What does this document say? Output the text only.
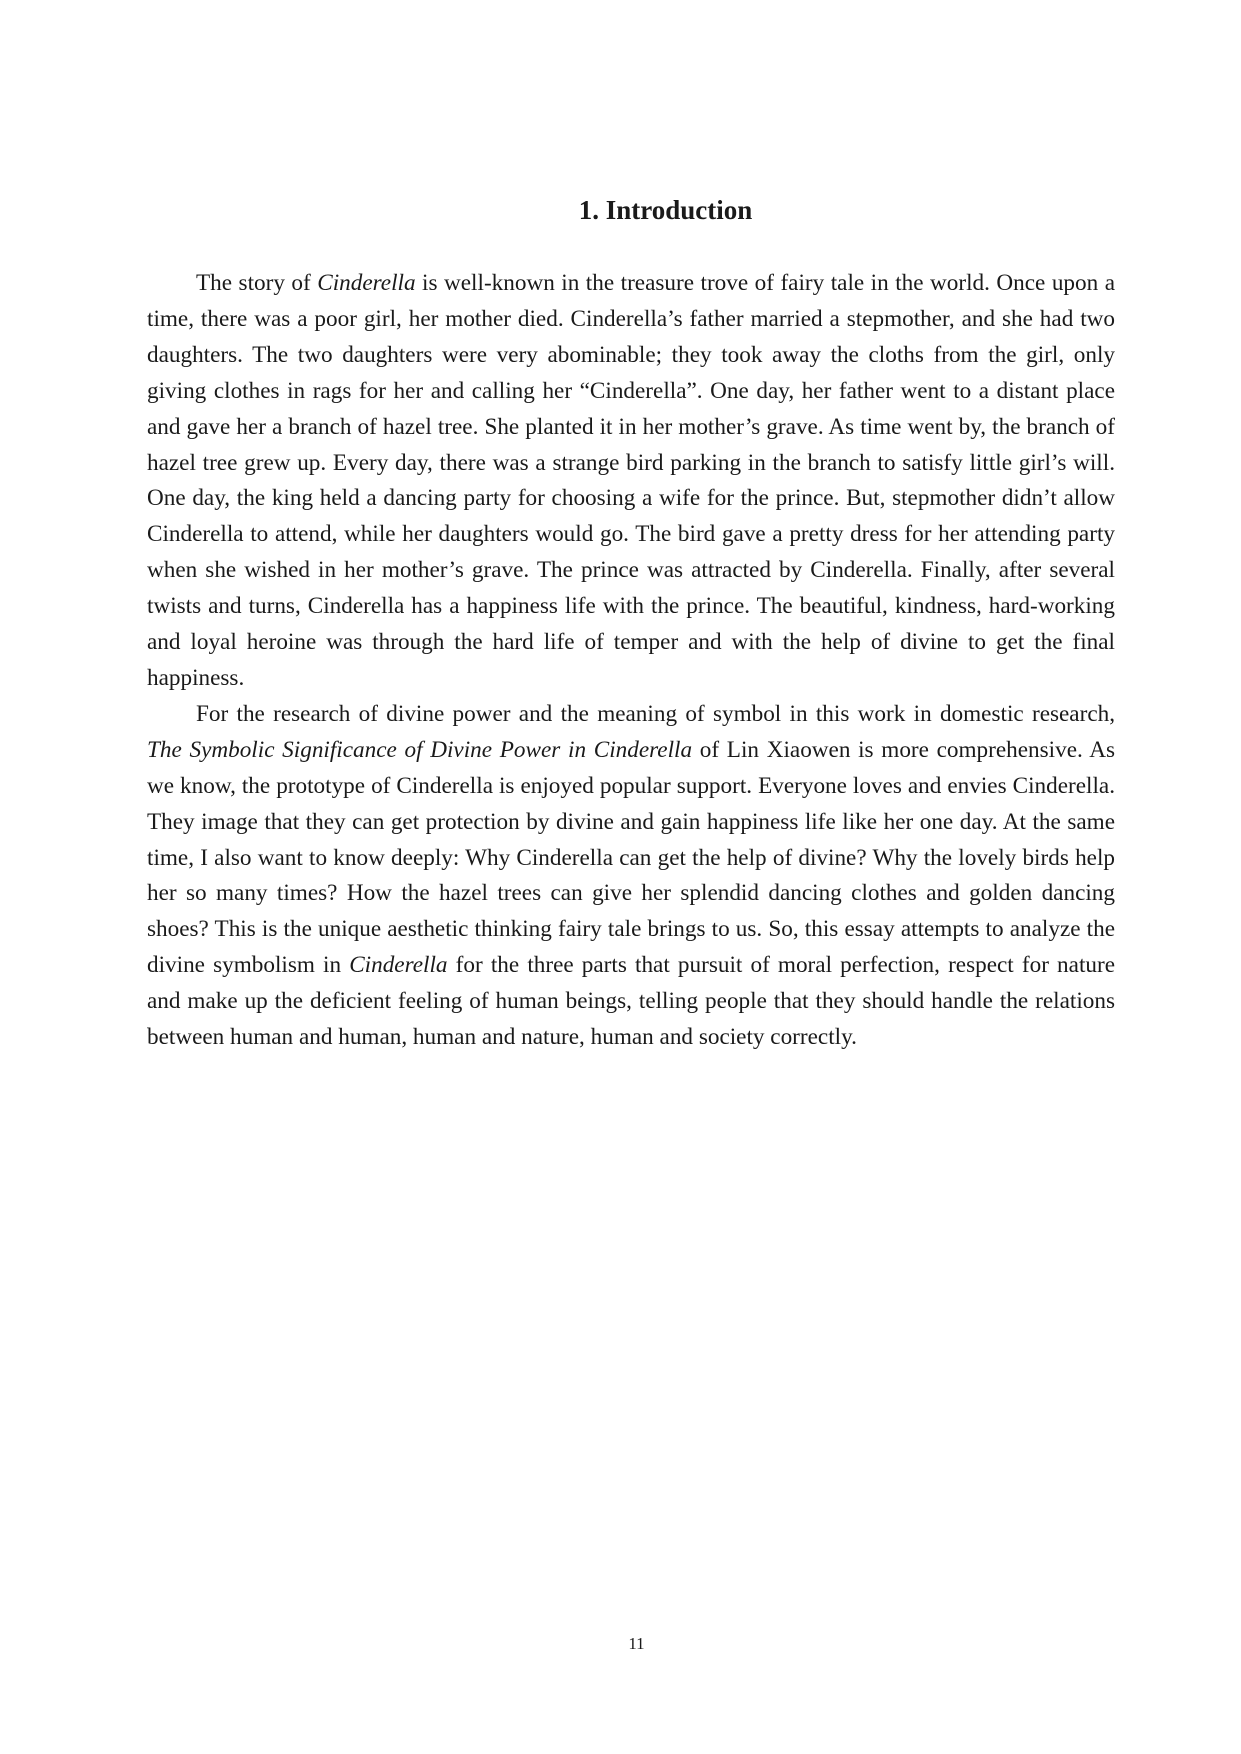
1. Introduction

The story of Cinderella is well-known in the treasure trove of fairy tale in the world. Once upon a time, there was a poor girl, her mother died. Cinderella’s father married a stepmother, and she had two daughters. The two daughters were very abominable; they took away the cloths from the girl, only giving clothes in rags for her and calling her “Cinderella”. One day, her father went to a distant place and gave her a branch of hazel tree. She planted it in her mother’s grave. As time went by, the branch of hazel tree grew up. Every day, there was a strange bird parking in the branch to satisfy little girl’s will. One day, the king held a dancing party for choosing a wife for the prince. But, stepmother didn’t allow Cinderella to attend, while her daughters would go. The bird gave a pretty dress for her attending party when she wished in her mother’s grave. The prince was attracted by Cinderella. Finally, after several twists and turns, Cinderella has a happiness life with the prince. The beautiful, kindness, hard-working and loyal heroine was through the hard life of temper and with the help of divine to get the final happiness.

For the research of divine power and the meaning of symbol in this work in domestic research, The Symbolic Significance of Divine Power in Cinderella of Lin Xiaowen is more comprehensive. As we know, the prototype of Cinderella is enjoyed popular support. Everyone loves and envies Cinderella. They image that they can get protection by divine and gain happiness life like her one day. At the same time, I also want to know deeply: Why Cinderella can get the help of divine? Why the lovely birds help her so many times? How the hazel trees can give her splendid dancing clothes and golden dancing shoes? This is the unique aesthetic thinking fairy tale brings to us. So, this essay attempts to analyze the divine symbolism in Cinderella for the three parts that pursuit of moral perfection, respect for nature and make up the deficient feeling of human beings, telling people that they should handle the relations between human and human, human and nature, human and society correctly.

11
